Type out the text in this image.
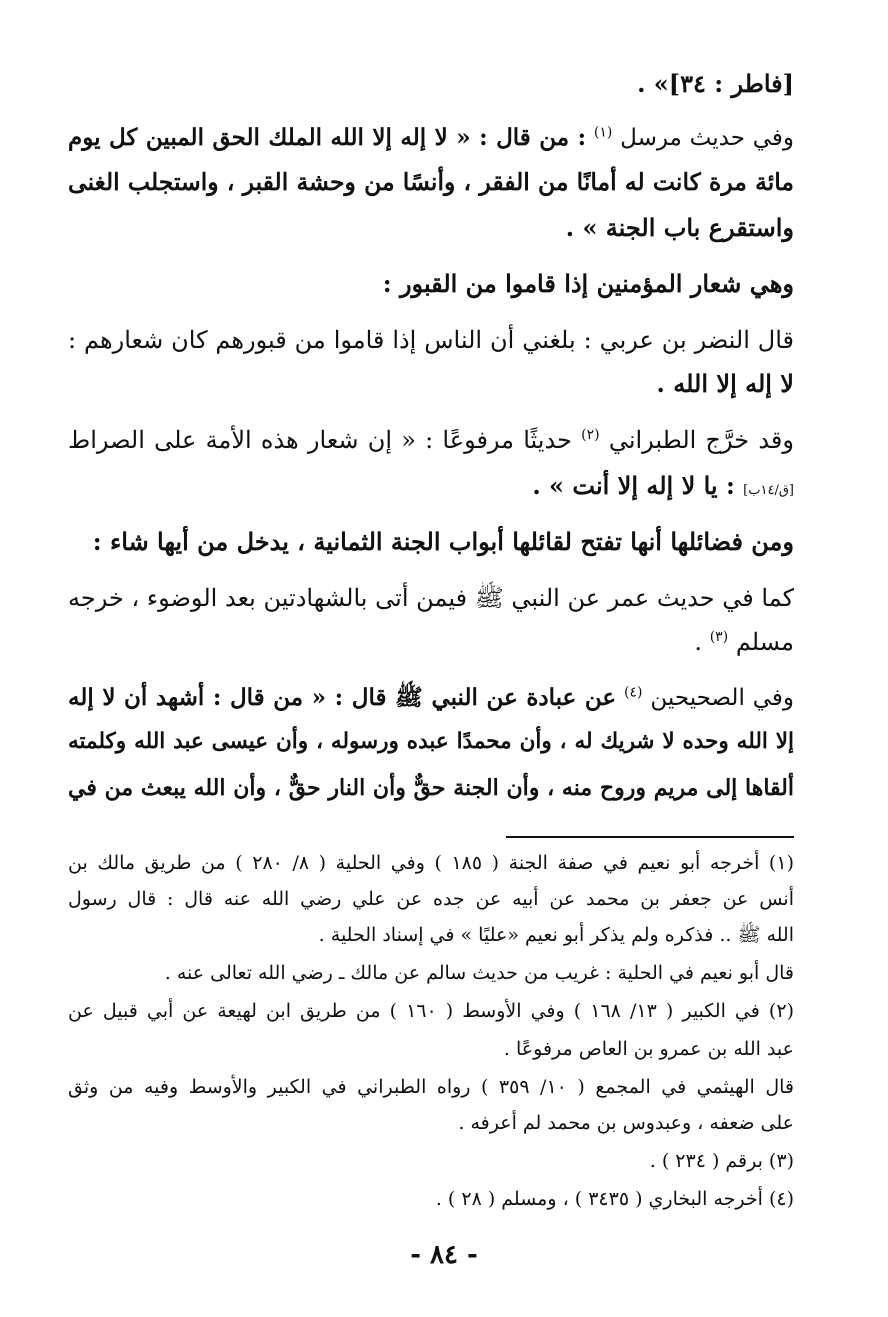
[فاطر : ٣٤]» .
وفي حديث مرسل $^{(١)}$ : من قال : « لا إله إلا الله الملك الحق المبين كل يوم
مائة مرة كانت له أمانًا من الفقر ، وأنسًا من وحشة القبر ، واستجلب الغنى
واستقرع باب الجنة » .
وهي شعار المؤمنين إذا قاموا من القبور :
قال النضر بن عربي : بلغني أن الناس إذا قاموا من قبورهم كان شعارهم :
لا إله إلا الله .
وقد خرَّج الطبراني $^{(٢)}$ حديثًا مرفوعًا : « إن شعار هذه الأمة على الصراط
[ق/١٤ب] : يا لا إله إلا أنت » .
ومن فضائلها أنها تفتح لقائلها أبواب الجنة الثمانية ، يدخل من أيها شاء :
كما في حديث عمر عن النبي ﷺ فيمن أتى بالشهادتين بعد الوضوء ، خرجه
مسلم $^{(٣)}$ .
وفي الصحيحين $^{(٤)}$ عن عبادة عن النبي ﷺ قال : « من قال : أشهد أن لا إله
إلا الله وحده لا شريك له ، وأن محمدًا عبده ورسوله ، وأن عيسى عبد الله وكلمته
ألقاها إلى مريم وروح منه ، وأن الجنة حقٌّ وأن النار حقٌّ ، وأن الله يبعث من في
(١) أخرجه أبو نعيم في صفة الجنة ( ١٨٥ ) وفي الحلية ( ٨/ ٢٨٠ ) من طريق مالك بن
أنس عن جعفر بن محمد عن أبيه عن جده عن علي رضي الله عنه قال : قال رسول
الله ﷺ .. فذكره ولم يذكر أبو نعيم «عليًا » في إسناد الحلية .
قال أبو نعيم في الحلية : غريب من حديث سالم عن مالك ـ رضي الله تعالى عنه .
(٢) في الكبير ( ١٣/ ١٦٨ ) وفي الأوسط ( ١٦٠ ) من طريق ابن لهيعة عن أبي قبيل عن
عبد الله بن عمرو بن العاص مرفوعًا .
قال الهيثمي في المجمع ( ١٠/ ٣٥٩ ) رواه الطبراني في الكبير والأوسط وفيه من وثق
على ضعفه ، وعبدوس بن محمد لم أعرفه .
(٣) برقم ( ٢٣٤ ) .
(٤) أخرجه البخاري ( ٣٤٣٥ ) ، ومسلم ( ٢٨ ) .
- ٨٤ -
